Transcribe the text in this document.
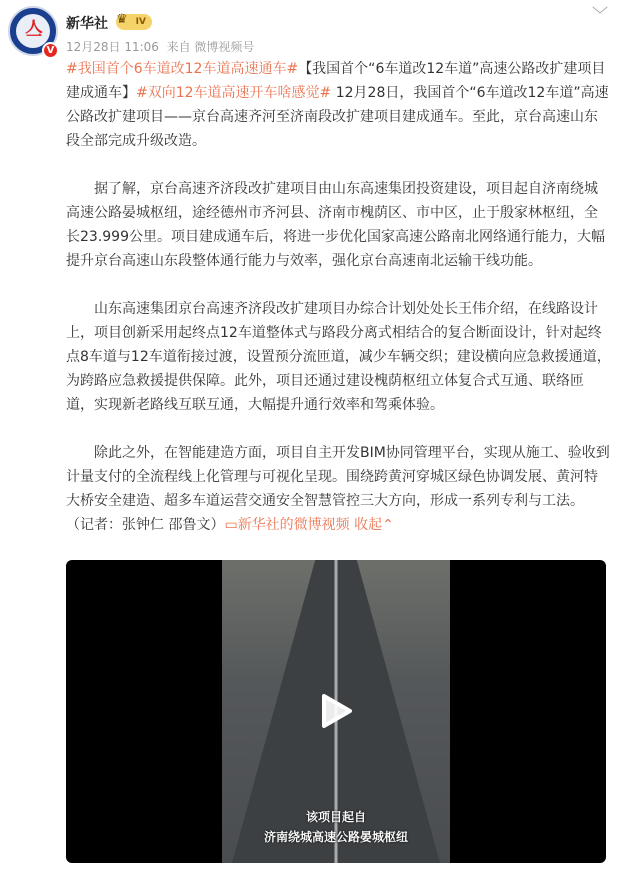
亼
V
新华社 ♛ IV
12月28日 11:06 来自 微博视频号
﹀

#我国首个6车道改12车道高速通车#【我国首个“6车道改12车道”高速公路改扩建项目建成通车】#双向12车道高速开车啥感觉# 12月28日，我国首个“6车道改12车道”高速公路改扩建项目——京台高速齐河至济南段改扩建项目建成通车。至此，京台高速山东段全部完成升级改造。

据了解，京台高速齐济段改扩建项目由山东高速集团投资建设，项目起自济南绕城高速公路晏城枢纽，途经德州市齐河县、济南市槐荫区、市中区，止于殷家林枢纽，全长23.999公里。项目建成通车后，将进一步优化国家高速公路南北网络通行能力，大幅提升京台高速山东段整体通行能力与效率，强化京台高速南北运输干线功能。

山东高速集团京台高速齐济段改扩建项目办综合计划处处长王伟介绍，在线路设计上，项目创新采用起终点12车道整体式与路段分离式相结合的复合断面设计，针对起终点8车道与12车道衔接过渡，设置预分流匝道，减少车辆交织；建设横向应急救援通道，为跨路应急救援提供保障。此外，项目还通过建设槐荫枢纽立体复合式互通、联络匝道，实现新老路线互联互通，大幅提升通行效率和驾乘体验。

除此之外，在智能建造方面，项目自主开发BIM协同管理平台，实现从施工、验收到计量支付的全流程线上化管理与可视化呈现。围绕跨黄河穿城区绿色协调发展、黄河特大桥安全建造、超多车道运营交通安全智慧管控三大方向，形成一系列专利与工法。
（记者：张钟仁 邵鲁文）▭新华社的微博视频 收起⌃

该项目起自
济南绕城高速公路晏城枢纽
